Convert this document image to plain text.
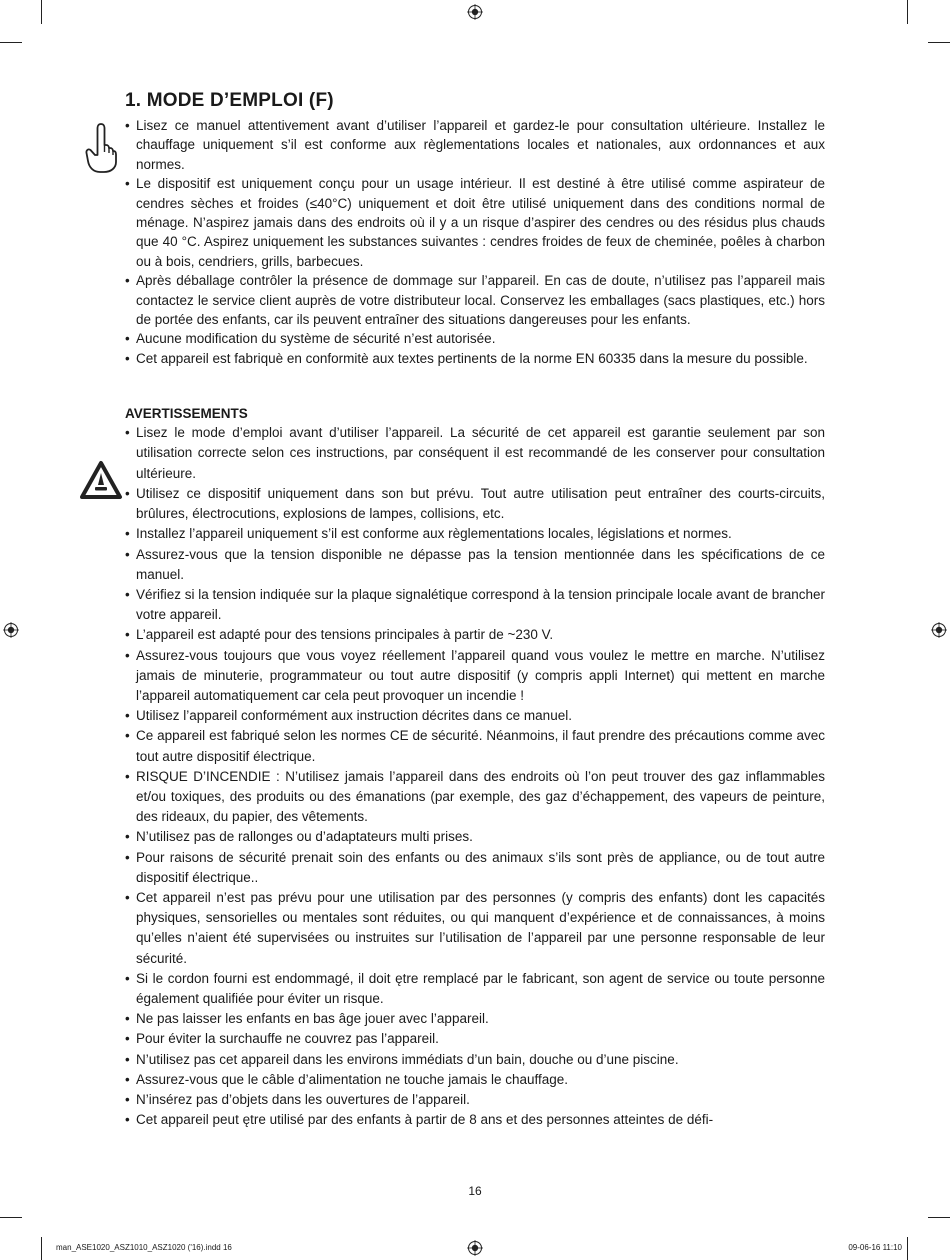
1. MODE D’EMPLOI (F)
• Lisez ce manuel attentivement avant d’utiliser l’appareil et gardez-le pour consultation ultérieure. Installez le chauffage uniquement s’il est conforme aux règlementations locales et nationales, aux ordonnances et aux normes.
• Le dispositif est uniquement conçu pour un usage intérieur. Il est destiné à être utilisé comme aspirateur de cendres sèches et froides (≤40°C) uniquement et doit être utilisé uniquement dans des conditions normal de ménage. N’aspirez jamais dans des endroits où il y a un risque d’aspirer des cendres ou des résidus plus chauds que 40 °C. Aspirez uniquement les substances suivantes : cendres froides de feux de cheminée, poêles à charbon ou à bois, cendriers, grills, barbecues.
• Après déballage contrôler la présence de dommage sur l’appareil. En cas de doute, n’utilisez pas l’appareil mais contactez le service client auprès de votre distributeur local. Conservez les emballages (sacs plastiques, etc.) hors de portée des enfants, car ils peuvent entraîner des situations dangereuses pour les enfants.
• Aucune modification du système de sécurité n’est autorisée.
• Cet appareil est fabriquè en conformitè aux textes pertinents de la norme EN 60335 dans la mesure du possible.
AVERTISSEMENTS
• Lisez le mode d’emploi avant d’utiliser l’appareil. La sécurité de cet appareil est garantie seulement par son utilisation correcte selon ces instructions, par conséquent il est recommandé de les conserver pour consultation ultérieure.
• Utilisez ce dispositif uniquement dans son but prévu. Tout autre utilisation peut entraîner des courts-circuits, brûlures, électrocutions, explosions de lampes, collisions, etc.
• Installez l’appareil uniquement s’il est conforme aux règlementations locales, législations et normes.
• Assurez-vous que la tension disponible ne dépasse pas la tension mentionnée dans les spécifications de ce manuel.
• Vérifiez si la tension indiquée sur la plaque signalétique correspond à la tension principale locale avant de brancher votre appareil.
• L’appareil est adapté pour des tensions principales à partir de ~230 V.
• Assurez-vous toujours que vous voyez réellement l’appareil quand vous voulez le mettre en marche. N’utilisez jamais de minuterie, programmateur ou tout autre dispositif (y compris appli Internet) qui mettent en marche l’appareil automatiquement car cela peut provoquer un incendie !
• Utilisez l’appareil conformément aux instruction décrites dans ce manuel.
• Ce appareil est fabriqué selon les normes CE de sécurité. Néanmoins, il faut prendre des précautions comme avec tout autre dispositif électrique.
• RISQUE D’INCENDIE : N’utilisez jamais l’appareil dans des endroits où l’on peut trouver des gaz inflammables et/ou toxiques, des produits ou des émanations (par exemple, des gaz d’échappement, des vapeurs de peinture, des rideaux, du papier, des vêtements.
• N’utilisez pas de rallonges ou d’adaptateurs multi prises.
• Pour raisons de sécurité prenait soin des enfants ou des animaux s’ils sont près de appliance, ou de tout autre dispositif électrique..
• Cet appareil n’est pas prévu pour une utilisation par des personnes (y compris des enfants) dont les capacités physiques, sensorielles ou mentales sont réduites, ou qui manquent d’expérience et de connaissances, à moins qu’elles n’aient été supervisées ou instruites sur l’utilisation de l’appareil par une personne responsable de leur sécurité.
• Si le cordon fourni est endommagé, il doit ętre remplacé par le fabricant, son agent de service ou toute personne également qualifiée pour éviter un risque.
• Ne pas laisser les enfants en bas âge jouer avec l’appareil.
• Pour éviter la surchauffe ne couvrez pas l’appareil.
• N’utilisez pas cet appareil dans les environs immédiats d’un bain, douche ou d’une piscine.
• Assurez-vous que le câble d’alimentation ne touche jamais le chauffage.
• N’insérez pas d’objets dans les ouvertures de l’appareil.
• Cet appareil peut ętre utilisé par des enfants à partir de 8 ans et des personnes atteintes de défi-
16
man_ASE1020_ASZ1010_ASZ1020 ('16).indd 16	09-06-16 11:10
